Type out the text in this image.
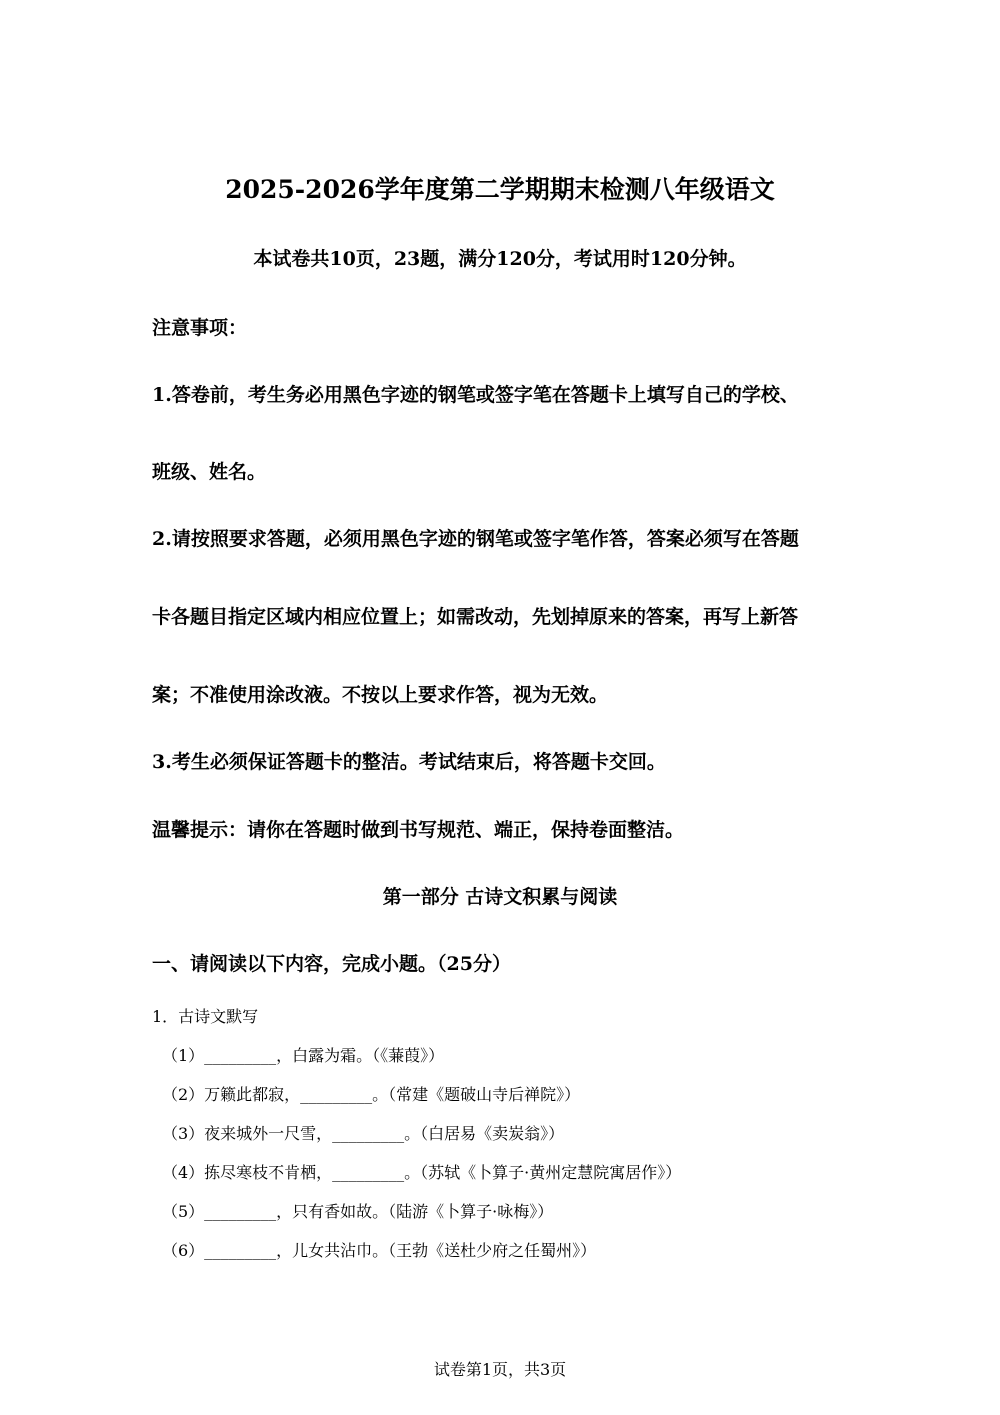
2025-2026学年度第二学期期末检测八年级语文
本试卷共10页，23题，满分120分，考试用时120分钟。
注意事项：
1.答卷前，考生务必用黑色字迹的钢笔或签字笔在答题卡上填写自己的学校、
班级、姓名。
2.请按照要求答题，必须用黑色字迹的钢笔或签字笔作答，答案必须写在答题
卡各题目指定区域内相应位置上；如需改动，先划掉原来的答案，再写上新答
案；不准使用涂改液。不按以上要求作答，视为无效。
3.考生必须保证答题卡的整洁。考试结束后，将答题卡交回。
温馨提示：请你在答题时做到书写规范、端正，保持卷面整洁。
第一部分 古诗文积累与阅读
一、请阅读以下内容，完成小题。（25分）
1．古诗文默写
（1）_________，白露为霜。（《蒹葭》）
（2）万籁此都寂，_________。（常建《题破山寺后禅院》）
（3）夜来城外一尺雪，_________。（白居易《卖炭翁》）
（4）拣尽寒枝不肯栖，_________。（苏轼《卜算子·黄州定慧院寓居作》）
（5）_________，只有香如故。（陆游《卜算子·咏梅》）
（6）_________，儿女共沾巾。（王勃《送杜少府之任蜀州》）
试卷第1页，共3页
